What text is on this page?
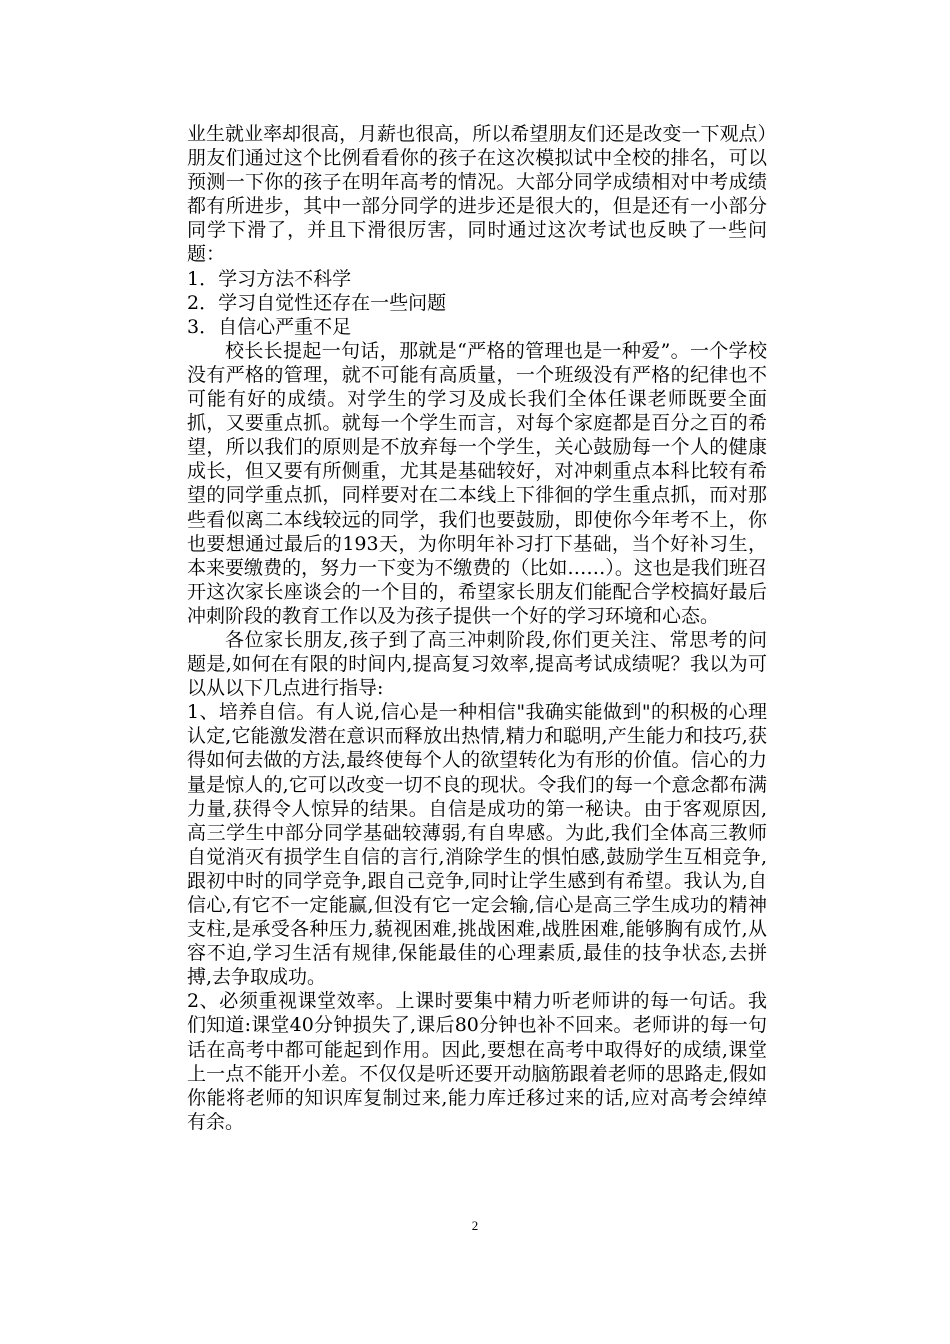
业生就业率却很高，月薪也很高，所以希望朋友们还是改变一下观点）朋友们通过这个比例看看你的孩子在这次模拟试中全校的排名，可以预测一下你的孩子在明年高考的情况。大部分同学成绩相对中考成绩都有所进步，其中一部分同学的进步还是很大的，但是还有一小部分同学下滑了，并且下滑很厉害，同时通过这次考试也反映了一些问题：

1．学习方法不科学

2．学习自觉性还存在一些问题

3．自信心严重不足

校长长提起一句话，那就是“严格的管理也是一种爱”。一个学校没有严格的管理，就不可能有高质量，一个班级没有严格的纪律也不可能有好的成绩。对学生的学习及成长我们全体任课老师既要全面抓，又要重点抓。就每一个学生而言，对每个家庭都是百分之百的希望，所以我们的原则是不放弃每一个学生，关心鼓励每一个人的健康成长，但又要有所侧重，尤其是基础较好，对冲刺重点本科比较有希望的同学重点抓，同样要对在二本线上下徘徊的学生重点抓，而对那些看似离二本线较远的同学，我们也要鼓励，即使你今年考不上，你也要想通过最后的193天，为你明年补习打下基础，当个好补习生，本来要缴费的，努力一下变为不缴费的（比如……）。这也是我们班召开这次家长座谈会的一个目的，希望家长朋友们能配合学校搞好最后冲刺阶段的教育工作以及为孩子提供一个好的学习环境和心态。

各位家长朋友,孩子到了高三冲刺阶段,你们更关注、常思考的问题是,如何在有限的时间内,提高复习效率,提高考试成绩呢？我以为可以从以下几点进行指导:

1、培养自信。有人说,信心是一种相信"我确实能做到"的积极的心理认定,它能激发潜在意识而释放出热情,精力和聪明,产生能力和技巧,获得如何去做的方法,最终使每个人的欲望转化为有形的价值。信心的力量是惊人的,它可以改变一切不良的现状。令我们的每一个意念都布满力量,获得令人惊异的结果。自信是成功的第一秘诀。由于客观原因,高三学生中部分同学基础较薄弱,有自卑感。为此,我们全体高三教师自觉消灭有损学生自信的言行,消除学生的惧怕感,鼓励学生互相竞争,跟初中时的同学竞争,跟自己竞争,同时让学生感到有希望。我认为,自信心,有它不一定能赢,但没有它一定会输,信心是高三学生成功的精神支柱,是承受各种压力,藐视困难,挑战困难,战胜困难,能够胸有成竹,从容不迫,学习生活有规律,保能最佳的心理素质,最佳的技争状态,去拼搏,去争取成功。

2、必须重视课堂效率。上课时要集中精力听老师讲的每一句话。我们知道:课堂40分钟损失了,课后80分钟也补不回来。老师讲的每一句话在高考中都可能起到作用。因此,要想在高考中取得好的成绩,课堂上一点不能开小差。不仅仅是听还要开动脑筋跟着老师的思路走,假如你能将老师的知识库复制过来,能力库迁移过来的话,应对高考会绰绰有余。

2
